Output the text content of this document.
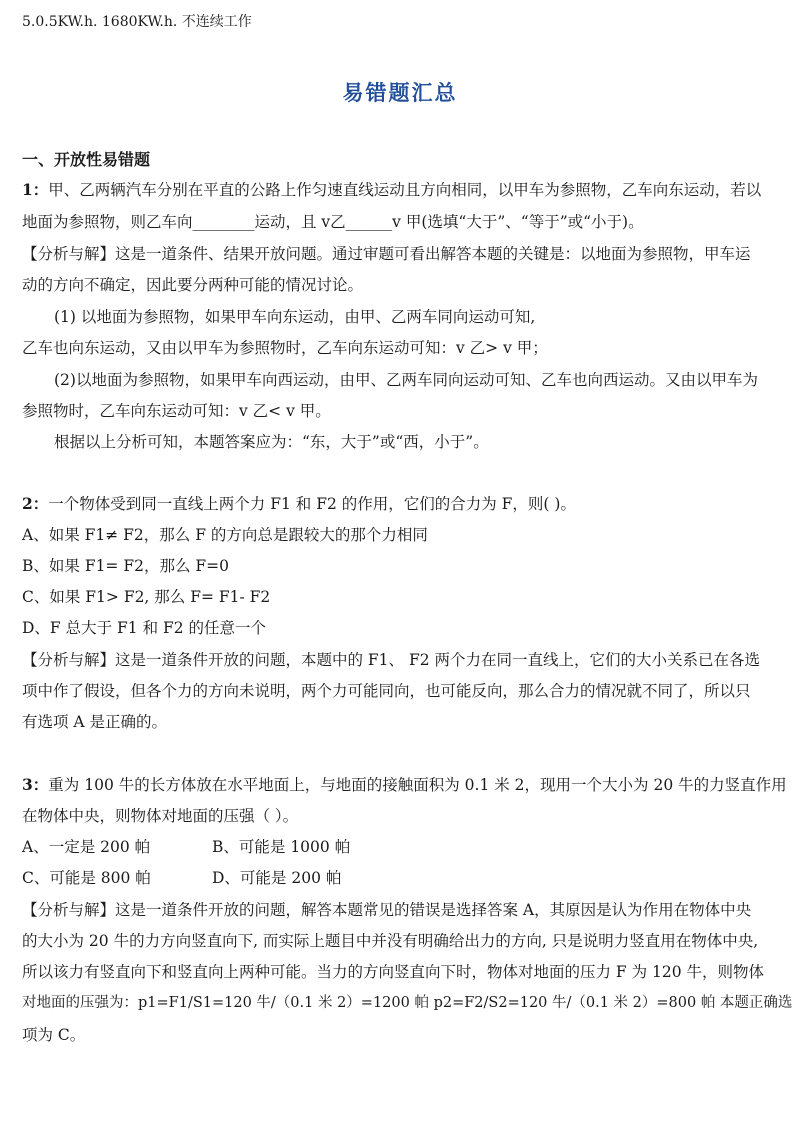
5.0.5KW.h. 1680KW.h. 不连续工作
易错题汇总
一、开放性易错题
1：甲、乙两辆汽车分别在平直的公路上作匀速直线运动且方向相同，以甲车为参照物，乙车向东运动，若以
地面为参照物，则乙车向________运动，且 v乙______v 甲(选填“大于”、“等于”或“小于)。
【分析与解】这是一道条件、结果开放问题。通过审题可看出解答本题的关键是：以地面为参照物，甲车运
动的方向不确定，因此要分两种可能的情况讨论。
(1) 以地面为参照物，如果甲车向东运动，由甲、乙两车同向运动可知,
乙车也向东运动，又由以甲车为参照物时，乙车向东运动可知：v 乙> v 甲；
(2)以地面为参照物，如果甲车向西运动，由甲、乙两车同向运动可知、乙车也向西运动。又由以甲车为
参照物时，乙车向东运动可知：v 乙< v 甲。
根据以上分析可知，本题答案应为：“东，大于”或“西，小于”。
2：一个物体受到同一直线上两个力 F1 和 F2 的作用，它们的合力为 F，则( )。
A、如果 F1≠ F2，那么 F 的方向总是跟较大的那个力相同
B、如果 F1= F2，那么 F=0
C、如果 F1> F2, 那么 F= F1- F2
D、F 总大于 F1 和 F2 的任意一个
【分析与解】这是一道条件开放的问题，本题中的 F1、 F2 两个力在同一直线上，它们的大小关系已在各选
项中作了假设，但各个力的方向未说明，两个力可能同向，也可能反向，那么合力的情况就不同了，所以只
有选项 A 是正确的。
3：重为 100 牛的长方体放在水平地面上，与地面的接触面积为 0.1 米 2，现用一个大小为 20 牛的力竖直作用
在物体中央，则物体对地面的压强（ ）。
A、一定是 200 帕	B、可能是 1000 帕
C、可能是 800 帕	D、可能是 200 帕
【分析与解】这是一道条件开放的问题，解答本题常见的错误是选择答案 A，其原因是认为作用在物体中央
的大小为 20 牛的力方向竖直向下, 而实际上题目中并没有明确给出力的方向, 只是说明力竖直用在物体中央,
所以该力有竖直向下和竖直向上两种可能。当力的方向竖直向下时，物体对地面的压力 F 为 120 牛，则物体
对地面的压强为：p1=F1/S1=120 牛/（0.1 米 2）=1200 帕 p2=F2/S2=120 牛/（0.1 米 2）=800 帕 本题正确选
项为 C。
